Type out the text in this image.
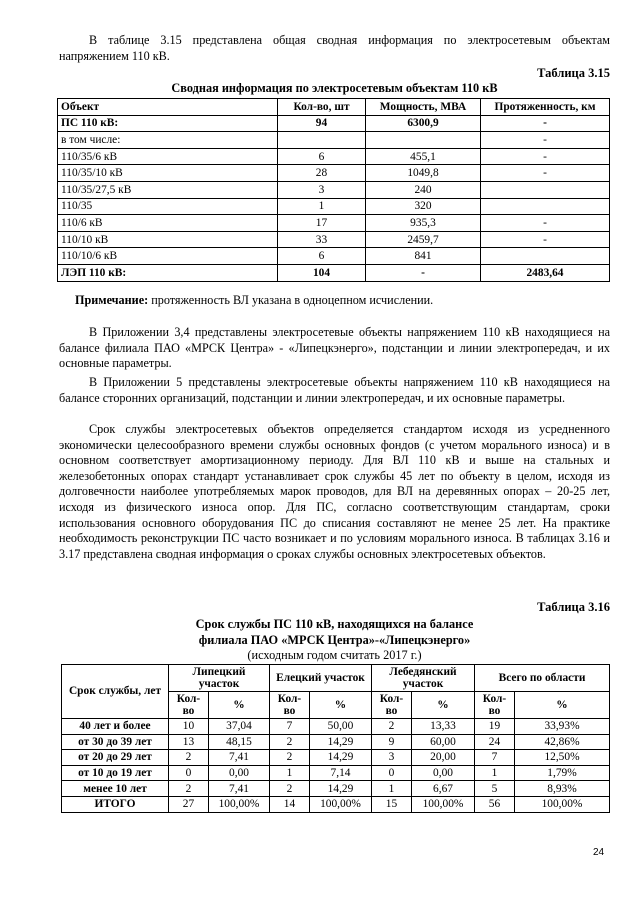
В таблице 3.15 представлена общая сводная информация по электросетевым объектам напряжением 110 кВ.

Таблица 3.15
Сводная информация по электросетевым объектам 110 кВ
Объект	Кол-во, шт	Мощность, МВА	Протяженность, км
ПС 110 кВ:	94	6300,9	-
в том числе:			-
110/35/6 кВ	6	455,1	-
110/35/10 кВ	28	1049,8	-
110/35/27,5 кВ	3	240	
110/35	1	320	
110/6 кВ	17	935,3	-
110/10 кВ	33	2459,7	-
110/10/6 кВ	6	841	
ЛЭП 110 кВ:	104	-	2483,64
Примечание: протяженность ВЛ указана в одноцепном исчислении.

В Приложении 3,4 представлены электросетевые объекты напряжением 110 кВ находящиеся на балансе филиала ПАО «МРСК Центра» - «Липецкэнерго», подстанции и линии электропередач, и их основные параметры.

В Приложении 5 представлены электросетевые объекты напряжением 110 кВ находящиеся на балансе сторонних организаций, подстанции и линии электропередач, и их основные параметры.

Срок службы электросетевых объектов определяется стандартом исходя из усредненного экономически целесообразного времени службы основных фондов (с учетом морального износа) и в основном соответствует амортизационному периоду. Для ВЛ 110 кВ и выше на стальных и железобетонных опорах стандарт устанавливает срок службы 45 лет по объекту в целом, исходя из долговечности наиболее употребляемых марок проводов, для ВЛ на деревянных опорах – 20-25 лет, исходя из физического износа опор. Для ПС, согласно соответствующим стандартам, сроки использования основного оборудования ПС до списания составляют не менее 25 лет. На практике необходимость реконструкции ПС часто возникает и по условиям морального износа. В таблицах 3.16 и 3.17 представлена сводная информация о сроках службы основных электросетевых объектов.

Таблица 3.16
Срок службы ПС 110 кВ, находящихся на балансе
филиала ПАО «МРСК Центра»-«Липецкэнерго»
(исходным годом считать 2017 г.)
Срок службы, лет	Липецкий участок		Елецкий участок		Лебедянский участок		Всего по области	
	Кол-во	%	Кол-во	%	Кол-во	%	Кол-во	%
40 лет и более	10	37,04	7	50,00	2	13,33	19	33,93%
от 30 до 39 лет	13	48,15	2	14,29	9	60,00	24	42,86%
от 20 до 29 лет	2	7,41	2	14,29	3	20,00	7	12,50%
от 10 до 19 лет	0	0,00	1	7,14	0	0,00	1	1,79%
менее 10 лет	2	7,41	2	14,29	1	6,67	5	8,93%
ИТОГО	27	100,00%	14	100,00%	15	100,00%	56	100,00%
24
